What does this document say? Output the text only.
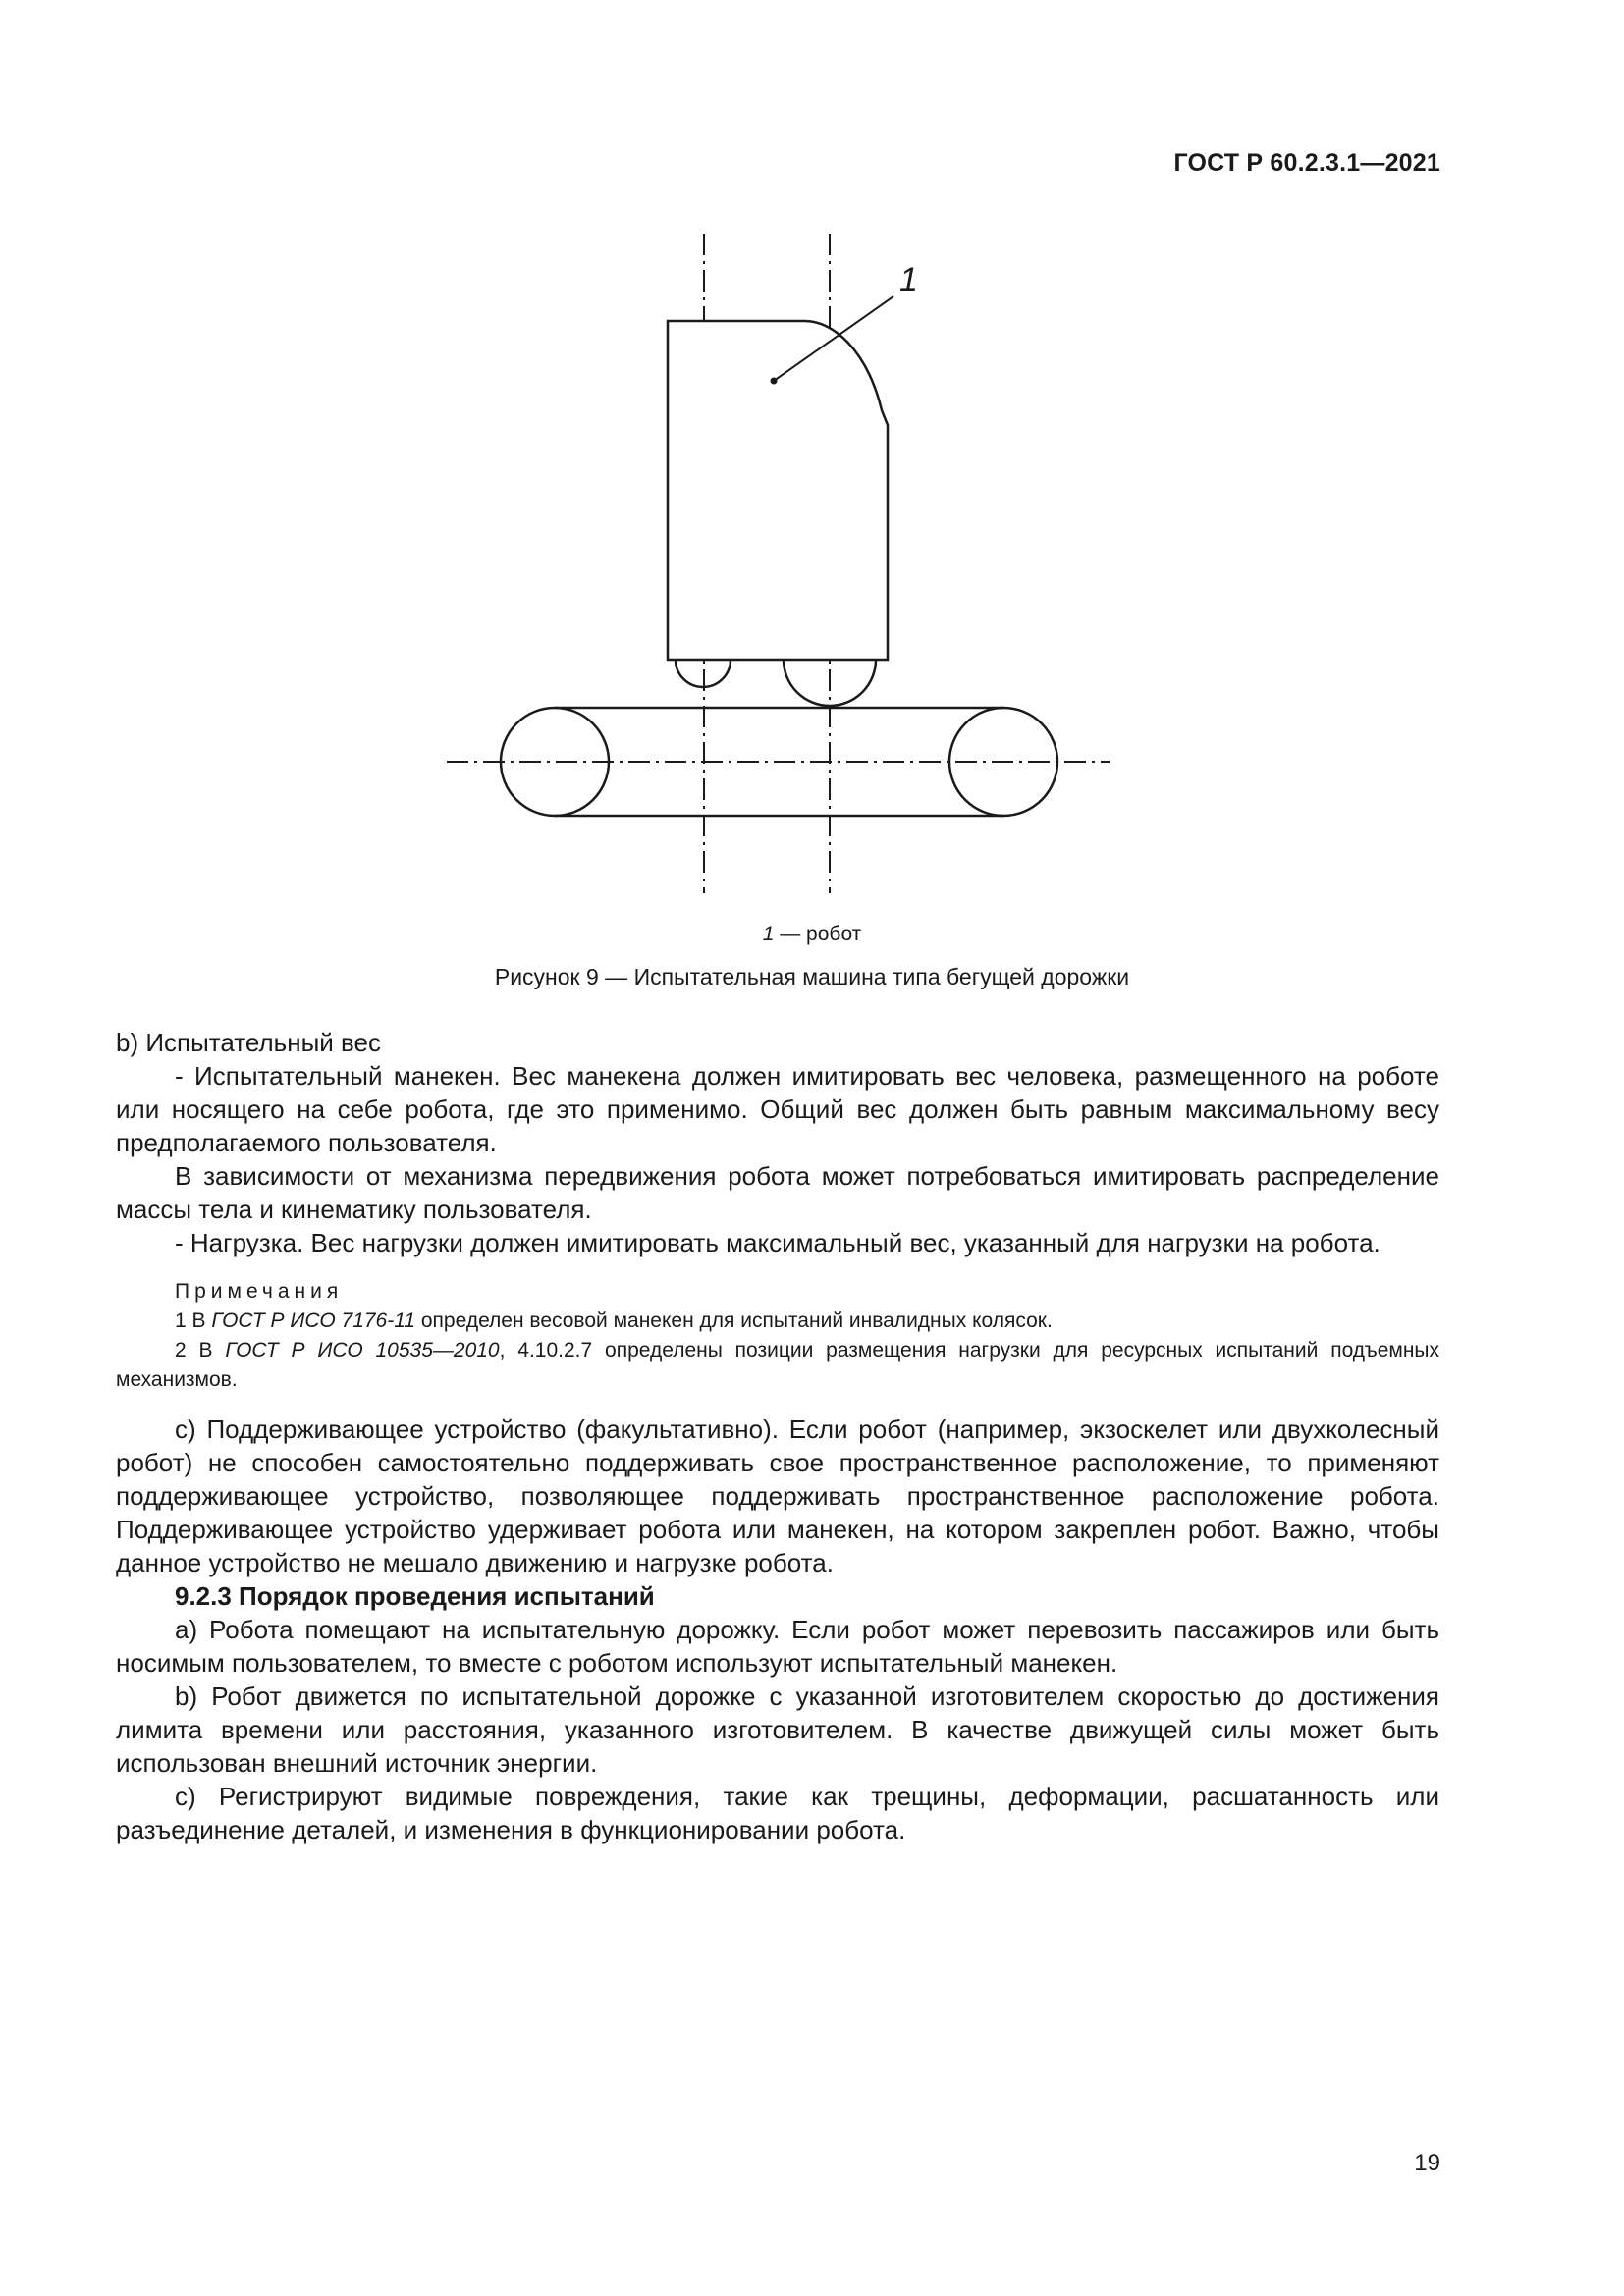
ГОСТ Р 60.2.3.1—2021
1
1 — робот
Рисунок 9 — Испытательная машина типа бегущей дорожки

b) Испытательный вес

- Испытательный манекен. Вес манекена должен имитировать вес человека, размещенного на роботе или носящего на себе робота, где это применимо. Общий вес должен быть равным максимальному весу предполагаемого пользователя.

В зависимости от механизма передвижения робота может потребоваться имитировать распределение массы тела и кинематику пользователя.

- Нагрузка. Вес нагрузки должен имитировать максимальный вес, указанный для нагрузки на робота.

Примечания

1 В ГОСТ Р ИСО 7176-11 определен весовой манекен для испытаний инвалидных колясок.

2 В ГОСТ Р ИСО 10535—2010, 4.10.2.7 определены позиции размещения нагрузки для ресурсных испытаний подъемных механизмов.

c) Поддерживающее устройство (факультативно). Если робот (например, экзоскелет или двухколесный робот) не способен самостоятельно поддерживать свое пространственное расположение, то применяют поддерживающее устройство, позволяющее поддерживать пространственное расположение робота. Поддерживающее устройство удерживает робота или манекен, на котором закреплен робот. Важно, чтобы данное устройство не мешало движению и нагрузке робота.

9.2.3 Порядок проведения испытаний

a) Робота помещают на испытательную дорожку. Если робот может перевозить пассажиров или быть носимым пользователем, то вместе с роботом используют испытательный манекен.

b) Робот движется по испытательной дорожке с указанной изготовителем скоростью до достижения лимита времени или расстояния, указанного изготовителем. В качестве движущей силы может быть использован внешний источник энергии.

c) Регистрируют видимые повреждения, такие как трещины, деформации, расшатанность или разъединение деталей, и изменения в функционировании робота.

19
